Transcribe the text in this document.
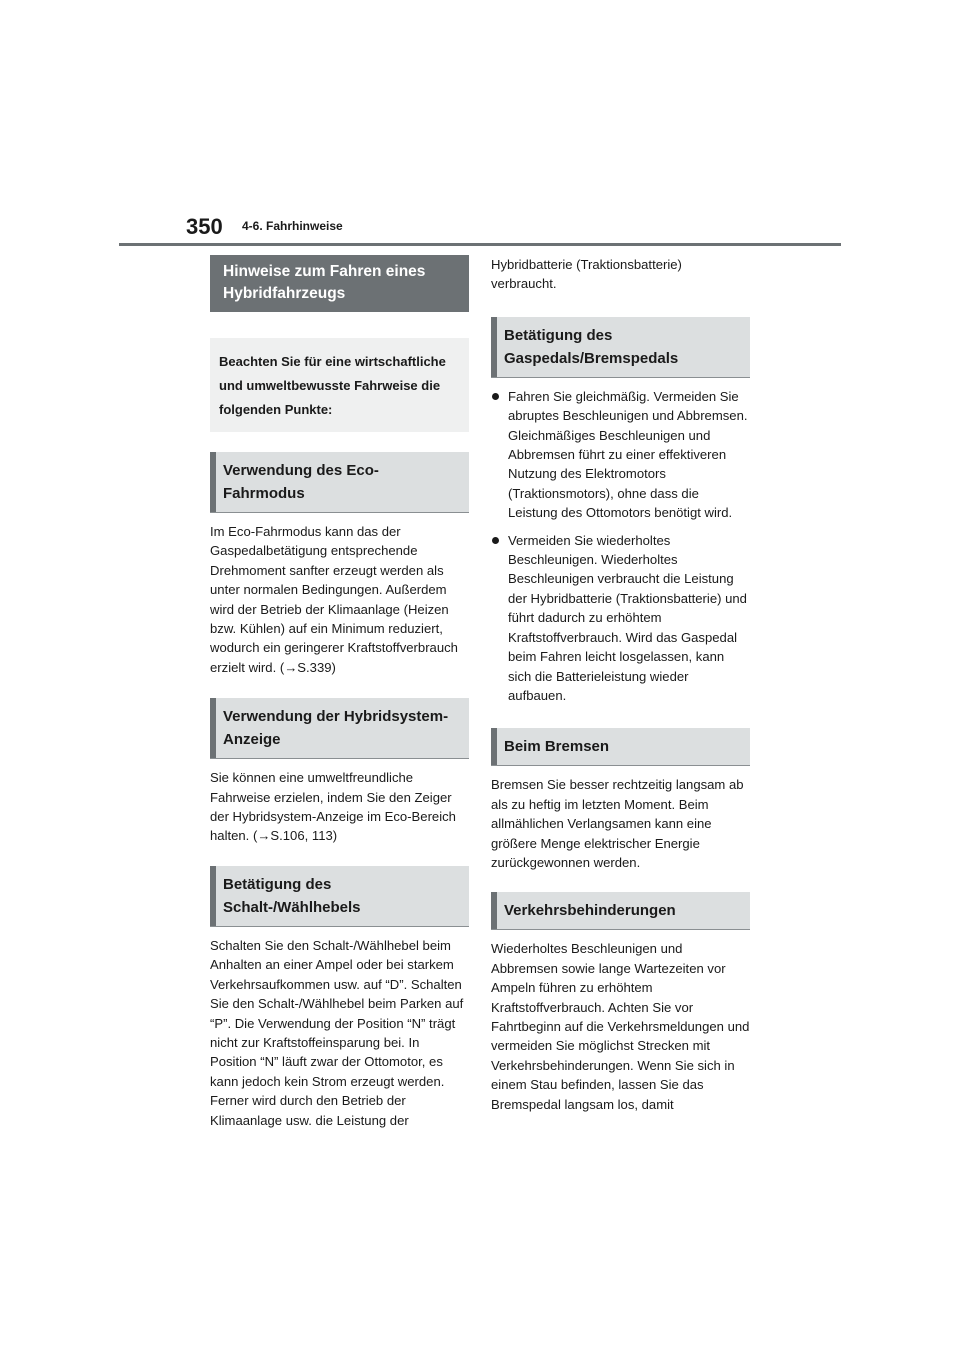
350 4-6. Fahrhinweise
Hinweise zum Fahren eines Hybridfahrzeugs
Beachten Sie für eine wirtschaftliche und umweltbewusste Fahrweise die folgenden Punkte:
Verwendung des Eco-Fahrmodus
Im Eco-Fahrmodus kann das der Gaspedalbetätigung entsprechende Drehmoment sanfter erzeugt werden als unter normalen Bedingungen. Außerdem wird der Betrieb der Klimaanlage (Heizen bzw. Kühlen) auf ein Minimum reduziert, wodurch ein geringerer Kraftstoffverbrauch erzielt wird. (→S.339)
Verwendung der Hybridsystem-Anzeige
Sie können eine umweltfreundliche Fahrweise erzielen, indem Sie den Zeiger der Hybridsystem-Anzeige im Eco-Bereich halten. (→S.106, 113)
Betätigung des Schalt-/Wählhebels
Schalten Sie den Schalt-/Wählhebel beim Anhalten an einer Ampel oder bei starkem Verkehrsaufkommen usw. auf “D”. Schalten Sie den Schalt-/Wählhebel beim Parken auf “P”. Die Verwendung der Position “N” trägt nicht zur Kraftstoffeinsparung bei. In Position “N” läuft zwar der Ottomotor, es kann jedoch kein Strom erzeugt werden. Ferner wird durch den Betrieb der Klimaanlage usw. die Leistung der
Hybridbatterie (Traktionsbatterie) verbraucht.
Betätigung des Gaspedals/Bremspedals
Fahren Sie gleichmäßig. Vermeiden Sie abruptes Beschleunigen und Abbremsen. Gleichmäßiges Beschleunigen und Abbremsen führt zu einer effektiveren Nutzung des Elektromotors (Traktionsmotors), ohne dass die Leistung des Ottomotors benötigt wird.
Vermeiden Sie wiederholtes Beschleunigen. Wiederholtes Beschleunigen verbraucht die Leistung der Hybridbatterie (Traktionsbatterie) und führt dadurch zu erhöhtem Kraftstoffverbrauch. Wird das Gaspedal beim Fahren leicht losgelassen, kann sich die Batterieleistung wieder aufbauen.
Beim Bremsen
Bremsen Sie besser rechtzeitig langsam ab als zu heftig im letzten Moment. Beim allmählichen Verlangsamen kann eine größere Menge elektrischer Energie zurückgewonnen werden.
Verkehrsbehinderungen
Wiederholtes Beschleunigen und Abbremsen sowie lange Wartezeiten vor Ampeln führen zu erhöhtem Kraftstoffverbrauch. Achten Sie vor Fahrtbeginn auf die Verkehrsmeldungen und vermeiden Sie möglichst Strecken mit Verkehrsbehinderungen. Wenn Sie sich in einem Stau befinden, lassen Sie das Bremspedal langsam los, damit
